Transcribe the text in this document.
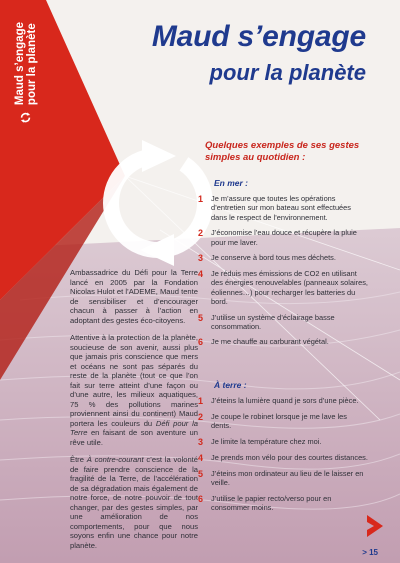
Maud s’engage
pour la planète	Maud s’engage
pour la planète

Ambassadrice du Défi pour la Terre lancé en 2005 par la Fondation Nicolas Hulot et l’ADEME, Maud tente de sensibiliser et d’encourager chacun à passer à l’action en adoptant des gestes éco-citoyens.

Attentive à la protection de la planète, soucieuse de son avenir, aussi plus que jamais pris conscience que mers et océans ne sont pas séparés du reste de la planète (tout ce que l’on fait sur terre atteint d’une façon ou d’une autre, les milieux aquatiques, 75 % des pollutions marines proviennent ainsi du continent) Maud portera les couleurs du Défi pour la Terre en faisant de son aventure un rêve utile.

Être À contre-courant c’est la volonté de faire prendre conscience de la fragilité de la Terre, de l’accélération de sa dégradation mais également de notre force, de notre pouvoir de tout changer, par des gestes simples, par une amélioration de nos comportements, pour que nous soyons enfin une chance pour notre planète.

Quelques exemples de ses gestes simples au quotidien :
En mer :
1	Je m’assure que toutes les opérations d’entretien sur mon bateau sont effectuées dans le respect de l’environnement.
2	J’économise l’eau douce et récupère la pluie pour me laver.
3	Je conserve à bord tous mes déchets.
4	Je réduis mes émissions de CO2 en utilisant des énergies renouvelables (panneaux solaires, éoliennes…) pour recharger les batteries du bord.
5	J’utilise un système d’éclairage basse consommation.
6	Je me chauffe au carburant végétal.
À terre :
1	J’éteins la lumière quand je sors d’une pièce.
2	Je coupe le robinet lorsque je me lave les dents.
3	Je limite la température chez moi.
4	Je prends mon vélo pour des courtes distances.
5	J’éteins mon ordinateur au lieu de le laisser en veille.
6	J’utilise le papier recto/verso pour en consommer moins.
> 15
